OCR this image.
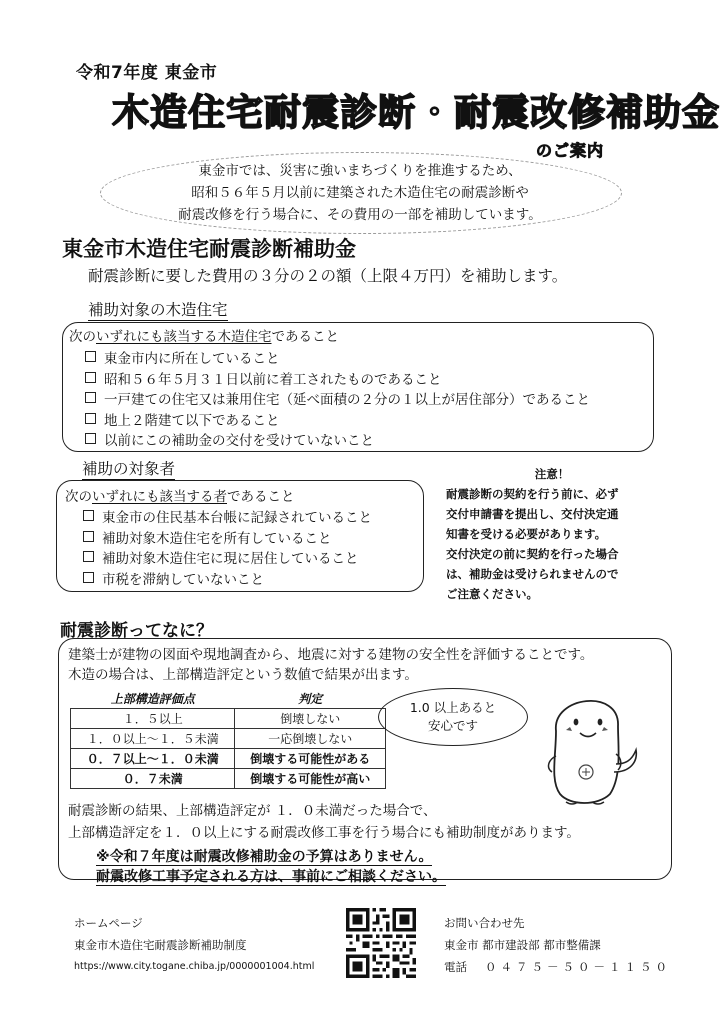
令和7年度 東金市
木造住宅耐震診断・耐震改修補助金
のご案内
東金市では、災害に強いまちづくりを推進するため、
昭和５６年５月以前に建築された木造住宅の耐震診断や
耐震改修を行う場合に、その費用の一部を補助しています。
東金市木造住宅耐震診断補助金
耐震診断に要した費用の３分の２の額（上限４万円）を補助します。
補助対象の木造住宅
次のいずれにも該当する木造住宅であること
東金市内に所在していること
昭和５６年５月３１日以前に着工されたものであること
一戸建ての住宅又は兼用住宅（延べ面積の２分の１以上が居住部分）であること
地上２階建て以下であること
以前にこの補助金の交付を受けていないこと
補助の対象者
次のいずれにも該当する者であること
東金市の住民基本台帳に記録されていること
補助対象木造住宅を所有していること
補助対象木造住宅に現に居住していること
市税を滞納していないこと
注意！
耐震診断の契約を行う前に、必ず
交付申請書を提出し、交付決定通
知書を受ける必要があります。
交付決定の前に契約を行った場合
は、補助金は受けられませんので
ご注意ください。
耐震診断ってなに？
建築士が建物の図面や現地調査から、地震に対する建物の安全性を評価することです。
木造の場合は、上部構造評定という数値で結果が出ます。
上部構造評価点	判定
１．５以上	倒壊しない
１．０以上～１．５未満	一応倒壊しない
０．７以上～１．０未満	倒壊する可能性がある
０．７未満	倒壊する可能性が高い
1.0 以上あると
安心です
耐震診断の結果、上部構造評定が １．０未満だった場合で、
上部構造評定を１．０以上にする耐震改修工事を行う場合にも補助制度があります。
※令和７年度は耐震改修補助金の予算はありません。
耐震改修工事予定される方は、事前にご相談ください。
ホームページ
東金市木造住宅耐震診断補助制度
https://www.city.togane.chiba.jp/0000001004.html
お問い合わせ先
東金市 都市建設部 都市整備課
電話 ０４７５－５０－１１５０
